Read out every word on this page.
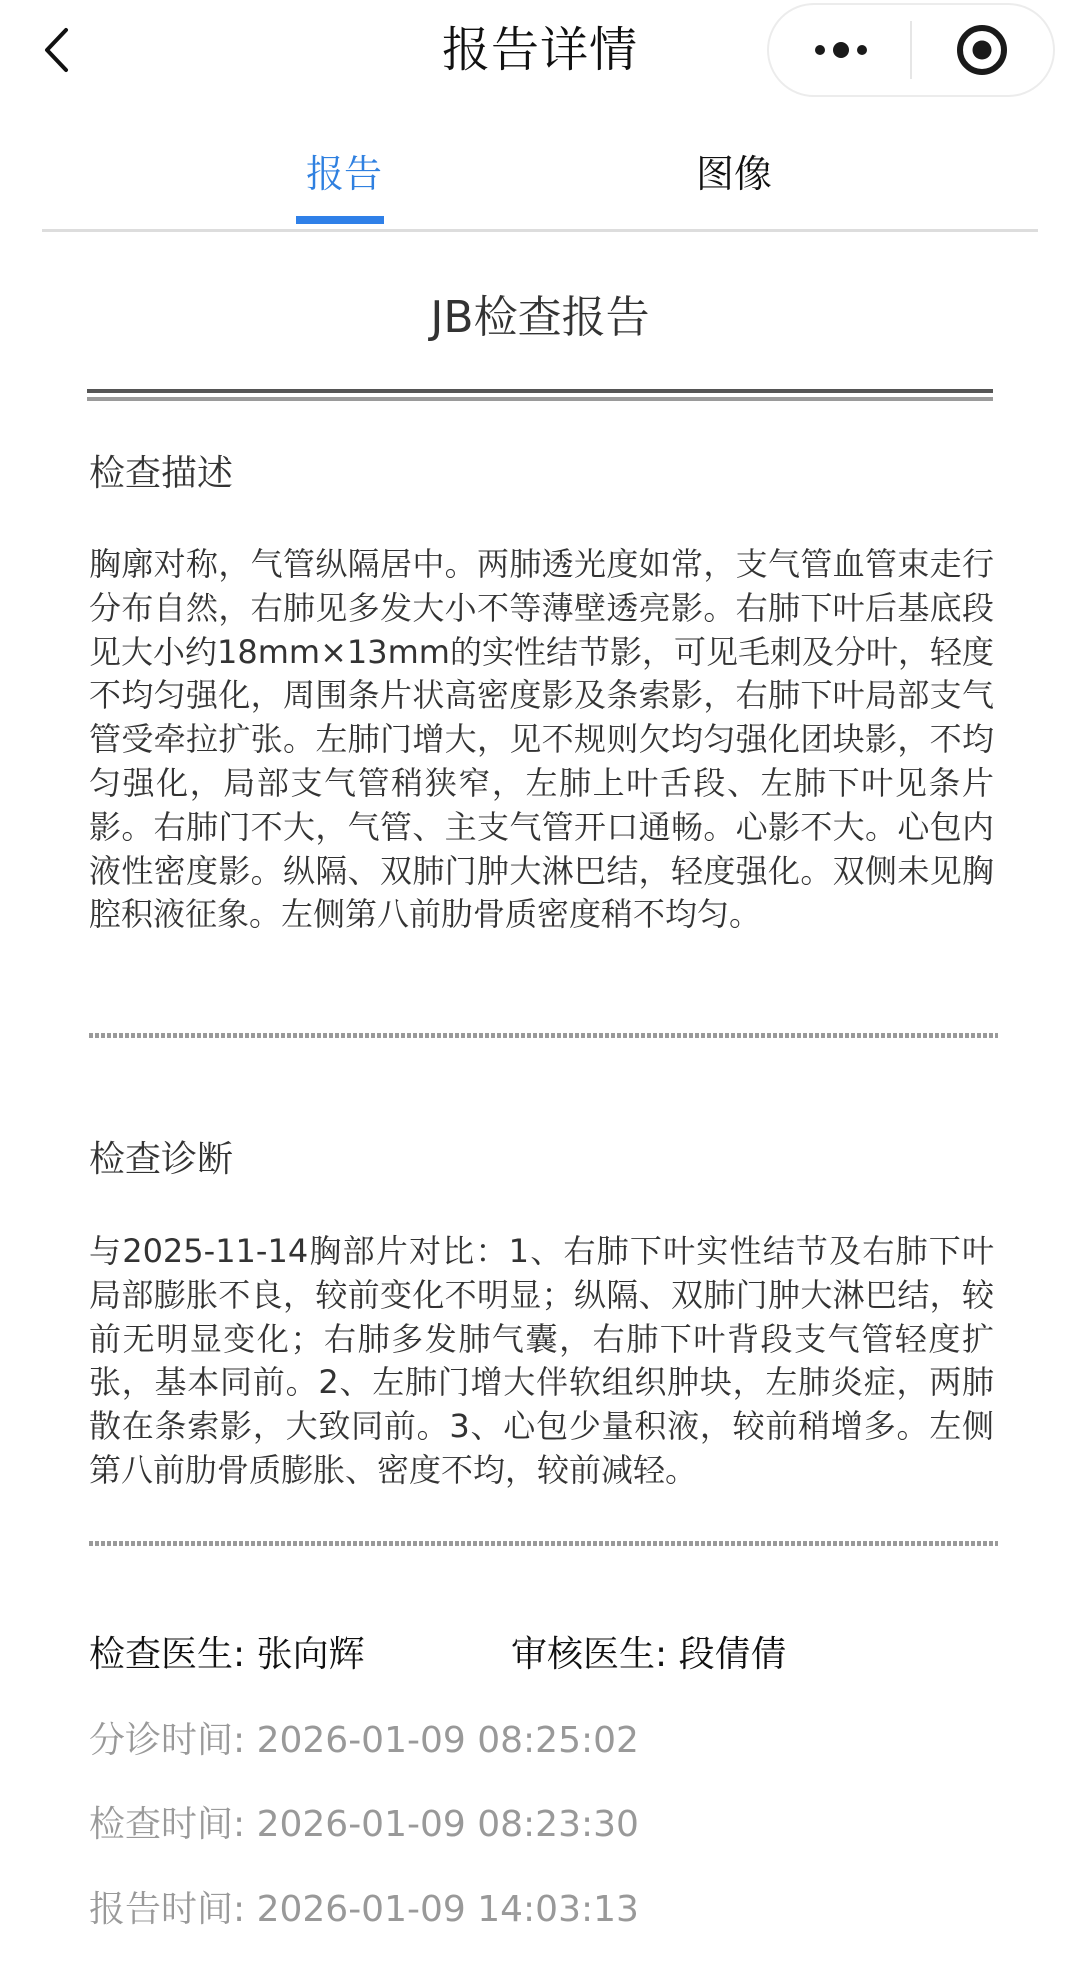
报告详情
报告	图像
JB检查报告
检查描述
胸廓对称，气管纵隔居中。两肺透光度如常，支气管血管束走行分布自然，右肺见多发大小不等薄壁透亮影。右肺下叶后基底段见大小约18mm×13mm的实性结节影，可见毛刺及分叶，轻度不均匀强化，周围条片状高密度影及条索影，右肺下叶局部支气管受牵拉扩张。左肺门增大，见不规则欠均匀强化团块影，不均匀强化，局部支气管稍狭窄，左肺上叶舌段、左肺下叶见条片影。右肺门不大，气管、主支气管开口通畅。心影不大。心包内液性密度影。纵隔、双肺门肿大淋巴结，轻度强化。双侧未见胸腔积液征象。左侧第八前肋骨质密度稍不均匀。
检查诊断
与2025-11-14胸部片对比：1、右肺下叶实性结节及右肺下叶局部膨胀不良，较前变化不明显；纵隔、双肺门肿大淋巴结，较前无明显变化；右肺多发肺气囊，右肺下叶背段支气管轻度扩张，基本同前。2、左肺门增大伴软组织肿块，左肺炎症，两肺散在条索影，大致同前。3、心包少量积液，较前稍增多。左侧第八前肋骨质膨胀、密度不均，较前减轻。
检查医生: 张向辉	审核医生: 段倩倩
分诊时间: 2026-01-09 08:25:02
检查时间: 2026-01-09 08:23:30
报告时间: 2026-01-09 14:03:13
